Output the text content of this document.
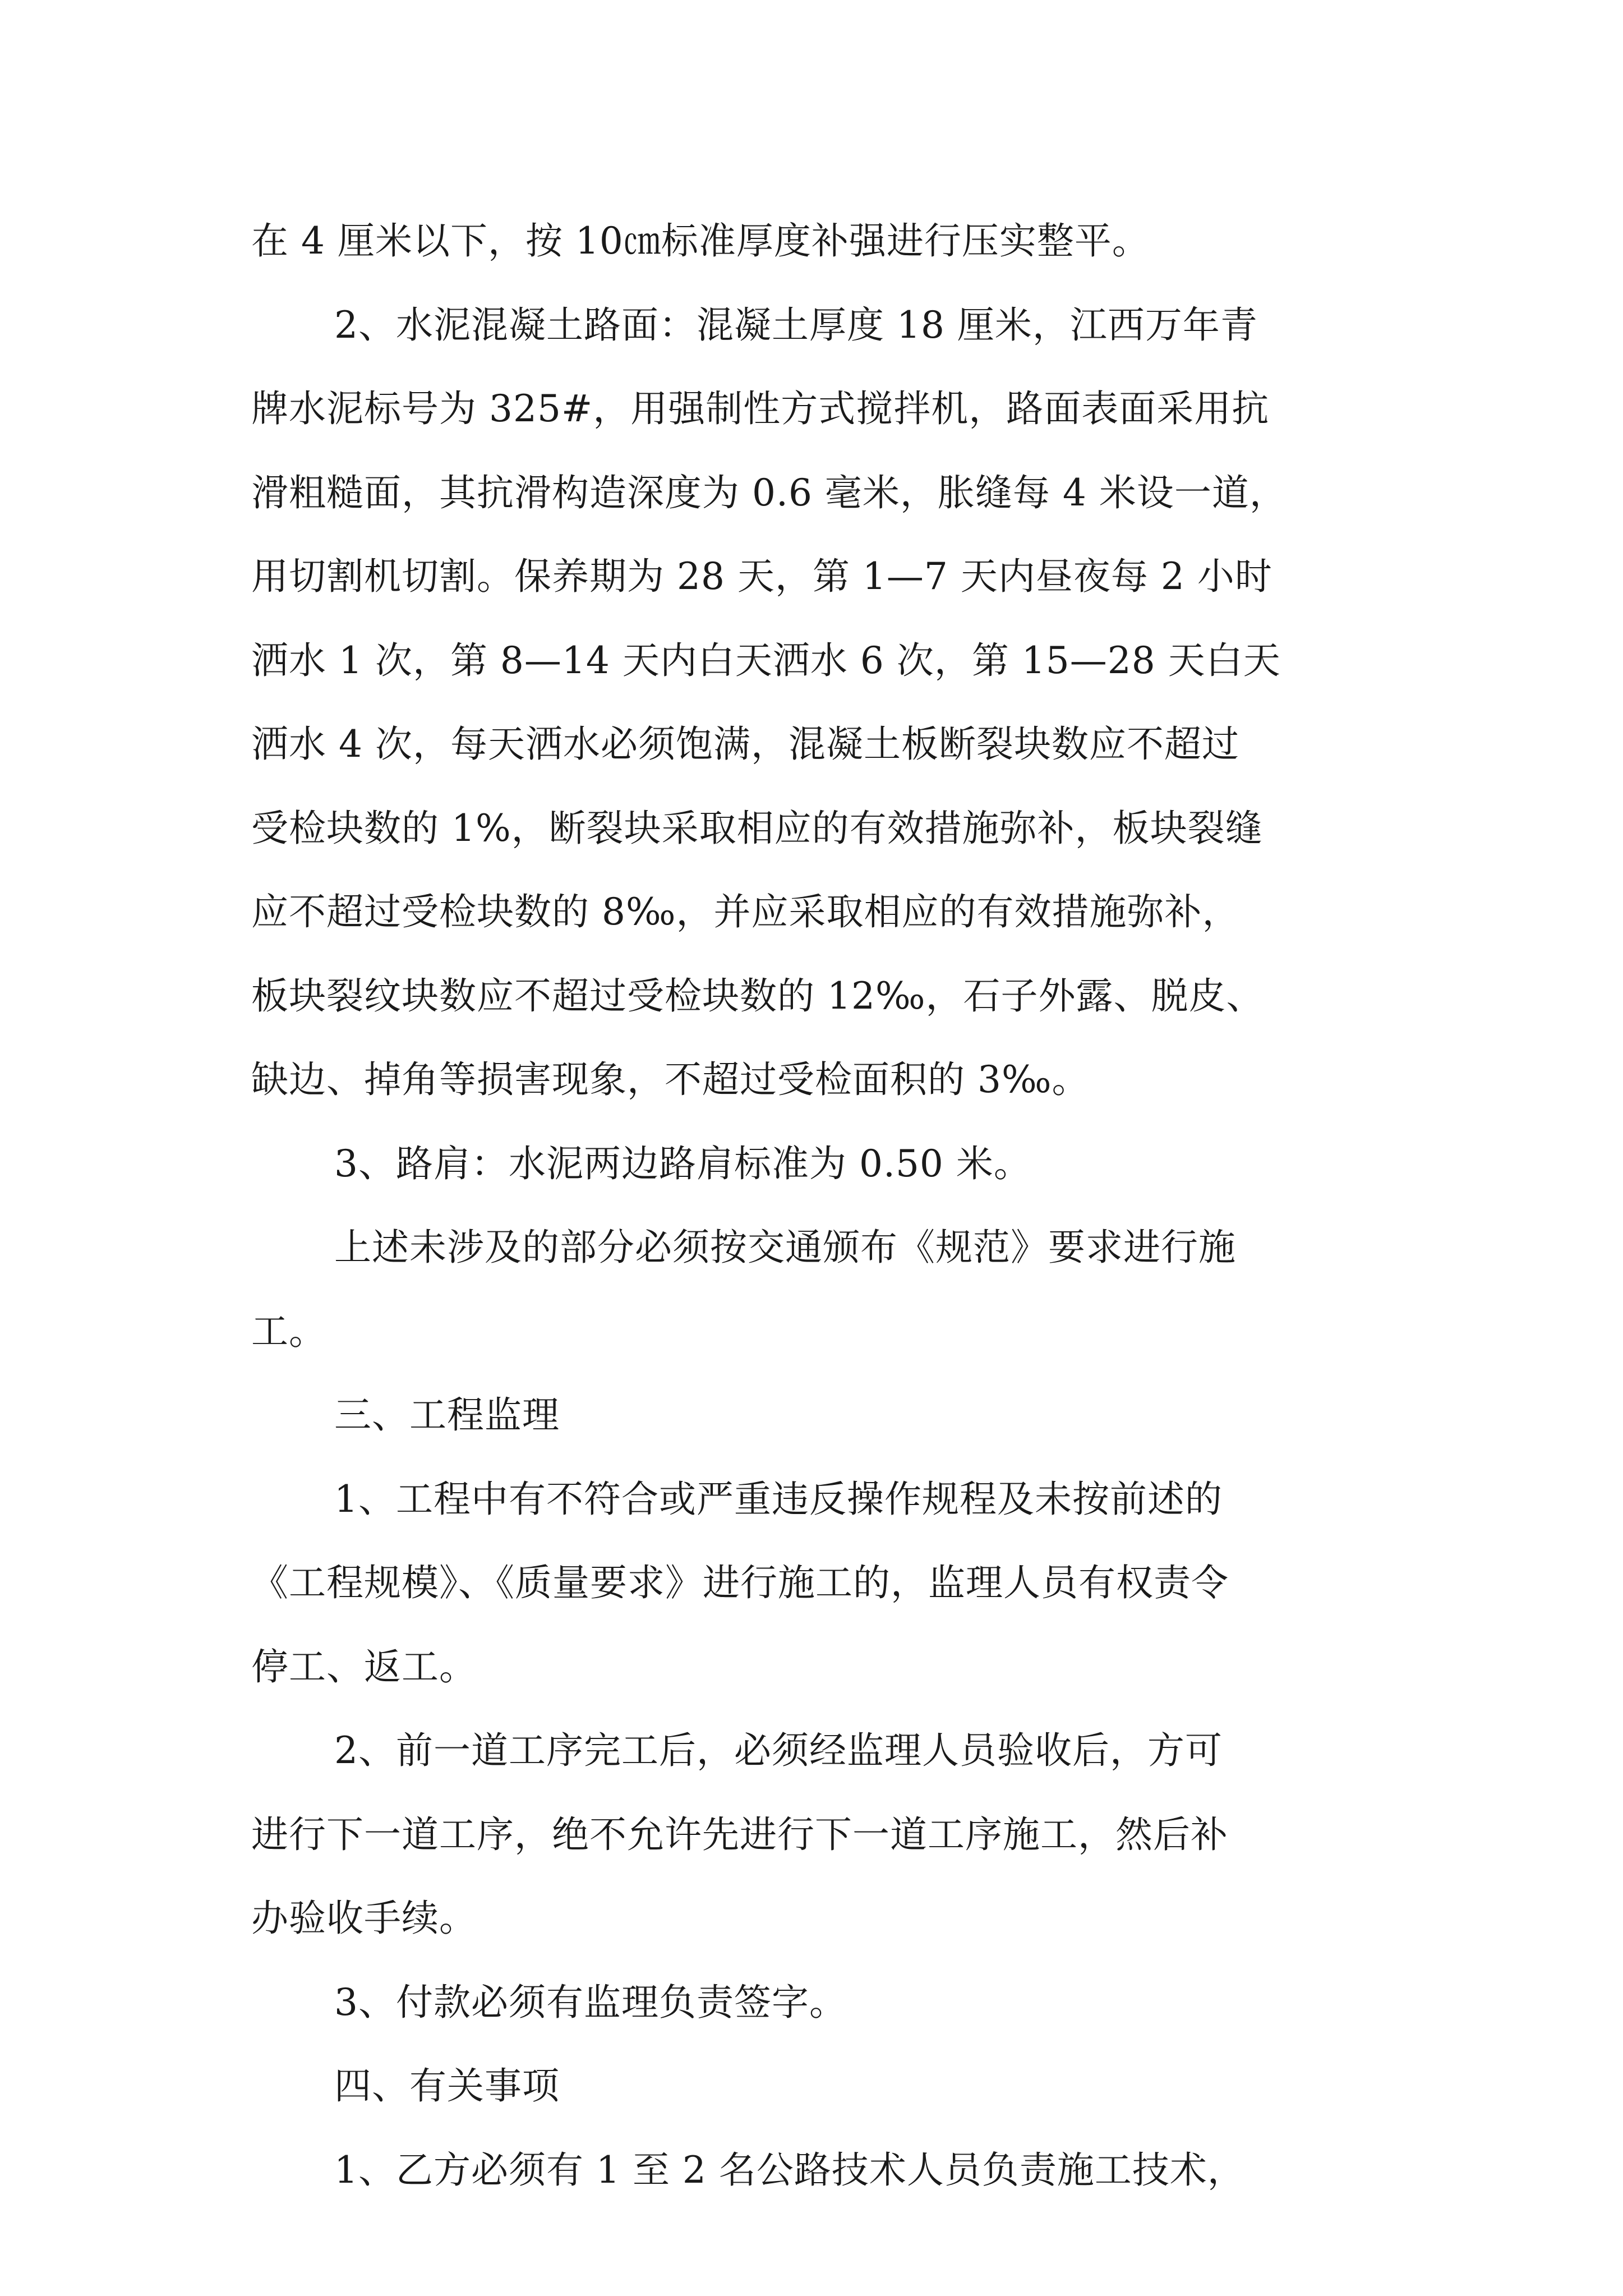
在 4 厘米以下，按 10㎝标准厚度补强进行压实整平。
2、水泥混凝土路面：混凝土厚度 18 厘米，江西万年青
牌水泥标号为 325#，用强制性方式搅拌机，路面表面采用抗
滑粗糙面，其抗滑构造深度为 0.6 毫米，胀缝每 4 米设一道，
用切割机切割。保养期为 28 天，第 1—7 天内昼夜每 2 小时
洒水 1 次，第 8—14 天内白天洒水 6 次，第 15—28 天白天
洒水 4 次，每天洒水必须饱满，混凝土板断裂块数应不超过
受检块数的 1%，断裂块采取相应的有效措施弥补，板块裂缝
应不超过受检块数的 8‰，并应采取相应的有效措施弥补，
板块裂纹块数应不超过受检块数的 12‰，石子外露、脱皮、
缺边、掉角等损害现象，不超过受检面积的 3‰。
3、路肩：水泥两边路肩标准为 0.50 米。
上述未涉及的部分必须按交通颁布《规范》要求进行施
工。
三、工程监理
1、工程中有不符合或严重违反操作规程及未按前述的
《工程规模》、《质量要求》进行施工的，监理人员有权责令
停工、返工。
2、前一道工序完工后，必须经监理人员验收后，方可
进行下一道工序，绝不允许先进行下一道工序施工，然后补
办验收手续。
3、付款必须有监理负责签字。
四、有关事项
1、乙方必须有 1 至 2 名公路技术人员负责施工技术，
